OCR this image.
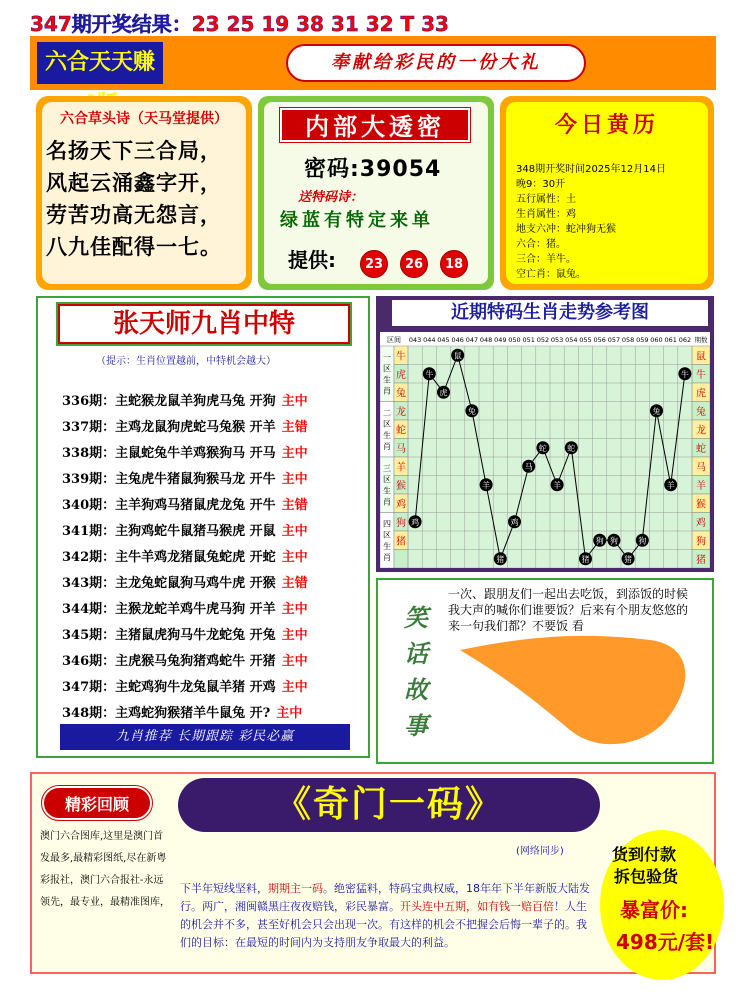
347期开奖结果：23 25 19 38 31 32 T 33
六合天天赚	奉献给彩民的一份大礼
六合草头诗（天马堂提供）
名扬天下三合局，
风起云涌鑫字开，
劳苦功高无怨言，
八九佳配得一七。
内部大透密
密码:39054
送特码诗：
绿蓝有特定来单
提供:	23	26	18
今日黄历
348期开奖时间2025年12月14日
晚9：30开
五行属性：土
生肖属性：鸡
地支六冲：蛇冲狗无猴
六合：猪。
三合：羊牛。
空亡肖：鼠兔。
张天师九肖中特
（提示：生肖位置越前，中特机会越大）
336期：主蛇猴龙鼠羊狗虎马兔 开狗 主中
337期：主鸡龙鼠狗虎蛇马兔猴 开羊 主错
338期：主鼠蛇兔牛羊鸡猴狗马 开马 主中
339期：主兔虎牛猪鼠狗猴马龙 开牛 主中
340期：主羊狗鸡马猪鼠虎龙兔 开牛 主错
341期：主狗鸡蛇牛鼠猪马猴虎 开鼠 主中
342期：主牛羊鸡龙猪鼠兔蛇虎 开蛇 主中
343期：主龙兔蛇鼠狗马鸡牛虎 开猴 主错
344期：主猴龙蛇羊鸡牛虎马狗 开羊 主中
345期：主猪鼠虎狗马牛龙蛇兔 开兔 主中
346期：主虎猴马兔狗猪鸡蛇牛 开猪 主中
347期：主蛇鸡狗牛龙兔鼠羊猪 开鸡 主中
348期：主鸡蛇狗猴猪羊牛鼠兔 开? 主中
九肖推荐 长期跟踪 彩民必赢
近期特码生肖走势参考图
区间 043 044 045 046 047 048 049 050 051 052 053 054 055 056 057 058 059 060 061 062 期数
一
区
生
肖
二
区
生
肖
三
区
生
肖
四
区
生
肖
牛
虎
兔
龙
蛇
马
羊
猴
鸡
狗
猪
鼠
牛
虎
兔
龙
蛇
马
羊
猴
鸡
狗
猪
鸡
牛
虎
鼠
兔
羊
猪
鸡
马
蛇
羊
蛇
猪
狗 狗
猪
狗
兔
羊
牛
笑话故事
一次、跟朋友们一起出去吃饭，到添饭的时候我大声的喊你们谁要饭？后来有个朋友悠悠的来一句我们都？不要饭 看
精彩回顾
澳门六合图库,这里是澳门首发最多,最精彩图纸,尽在新粤彩报社，澳门六合报社-永远领先，最专业，最精准图库，
《奇门一码》
(网络同步)
下半年短线坚料，期期主一码。绝密猛料，特码宝典权威，18年年下半年新版大陆发行。两广，湘闽赣黑庄夜夜赔钱，彩民暴富。开头连中五期，如有钱一赔百倍！人生的机会并不多，甚至好机会只会出现一次。有这样的机会不把握会后悔一辈子的。我们的目标：在最短的时间内为支持朋友争取最大的利益。
货到付款
拆包验货
暴富价:
498元/套!
